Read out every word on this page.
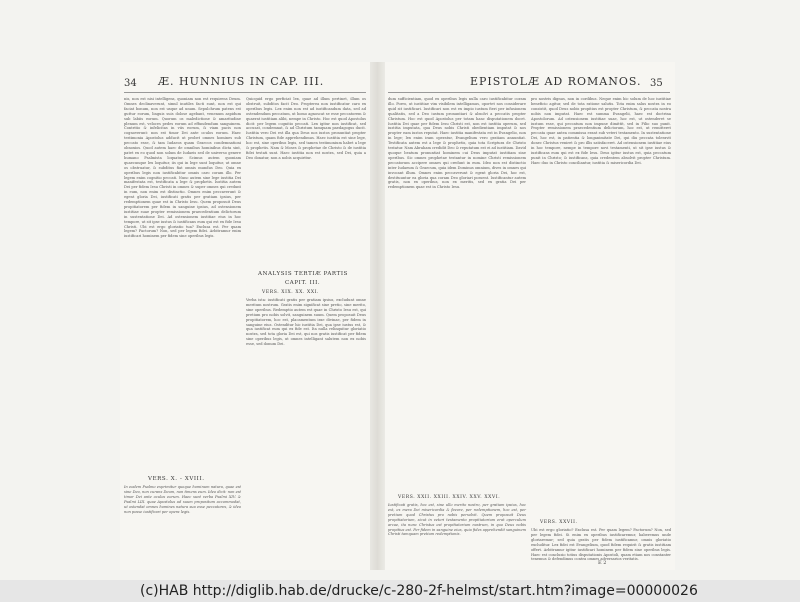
34 Æ. HUNNIUS IN CAP. III.

nis, non est nisi intelligens, quoniam non est requirens Deum. Omnes declinaverunt, simul inutiles facti sunt, non est qui faciat bonum, non est usque ad unum. Sepulchrum patens est guttur eorum, linguis suis dolose agebant, venenum aspidum sub labiis eorum. Quorum os maledictione & amaritudine plenum est, veloces pedes eorum ad effundendum sanguinem. Contritio & infelicitas in viis eorum, & viam pacis non cognoverunt: non est timor Dei ante oculos eorum. Haec testimonia Apostolus adducit ut probet omnes homines sub peccato esse, & tam Iudaeos quam Graecos condemnationi obnoxios. Quod autem haec de omnibus hominibus dicta sint, patet ex eo quod non solum de Iudaeis sed de universo genere humano Psalmista loquatur. Scimus autem quoniam quaecunque lex loquitur, iis qui in lege sunt loquitur, ut omne os obstruatur, & subditus fiat omnis mundus Deo. Quia ex operibus legis non iustificabitur omnis caro coram illo. Per legem enim cognitio peccati. Nunc autem sine lege iustitia Dei manifestata est, testificata a lege & prophetis. Iustitia autem Dei per fidem Iesu Christi in omnes & super omnes qui credunt in eum, non enim est distinctio. Omnes enim peccaverunt & egent gloria Dei, iustificati gratis per gratiam ipsius, per redemptionem quae est in Christo Iesu. Quem proposuit Deus propitiatorem per fidem in sanguine ipsius, ad ostensionem iustitiae suae propter remissionem praecedentium delictorum in sustentatione Dei. Ad ostensionem iustitiae eius in hoc tempore, ut sit ipse iustus & iustificans eum qui est ex fide Iesu Christi. Ubi est ergo gloriatio tua? Exclusa est. Per quam legem? Factorum? Non, sed per legem fidei. Arbitramur enim iustificari hominem per fidem sine operibus legis.

VERS. X. - XVIII.

In eodem Psalmo exprimitur quoque hominum natura, quae est sine Deo, non curans Deum, non timens eum. Ideo dicit: non est timor Dei ante oculos eorum. Haec sunt verba Psalmi XIV. & Psalmi LIII. quae Apostolus ad suum propositum accommodat, ut ostendat omnes homines natura sua esse peccatores, & ideo non posse iustificari per opera legis.

Quicquid ergo perficiat lex, quae ad illum pertinet, illum os obstruit, subditos facit Deo. Propterea non iustificatur caro ex operibus legis. Lex enim non est ad iustificandum data, sed ad ostendendum peccatum, ut homo agnoscat se esse peccatorem & quaerat iustitiam alibi, nempe in Christo. Hoc est quod Apostolus dicit: per legem cognitio peccati. Lex igitur non iustificat, sed accusat, condemnat, & ad Christum tamquam paedagogus ducit. Iustitia vero Dei est illa qua Deus nos iustos pronuntiat propter Christum, quam fide apprehendimus. Haec iustitia est sine lege, hoc est, sine operibus legis, sed tamen testimonium habet a lege & prophetis. Nam & Moses & prophetae de Christo & de iustitia fidei testati sunt. Haec iustitia non est nostra, sed Dei, quia a Deo donatur, non a nobis acquiritur.

ANALYSIS TERTIÆ PARTIS
CAPIT. III.
VERS. XIX. XX. XXI.

Verba ista: iustificati gratis per gratiam ipsius, excludunt omne meritum nostrum. Gratis enim significat sine pretio, sine merito, sine operibus. Redemptio autem est quae in Christo Iesu est, qui pretium pro nobis solvit, sanguinem suum. Quem proposuit Deus propitiatorem, hoc est, placamentum irae divinae, per fidem in sanguine eius. Ostenditur hic iustitia Dei, qua ipse iustus est, & qua iustificat eum qui ex fide est. Ita nulla relinquitur gloriatio nostra, sed tota gloria Dei est, qui nos gratis iustificat per fidem sine operibus legis, ut omnes intelligant salutem non ex nobis esse, sed donum Dei.

EPISTOLÆ AD ROMANOS. 35

dum sufficientiam, quod ex operibus legis nulla caro iustificabitur coram illo. Porro, ut iustitiae vim visibilem intelligamus, oportet nos considerare quid sit iustificari. Iustificari non est ex impio iustum fieri per infusionem qualitatis, sed a Deo iustum pronuntiari & absolvi a peccatis propter Christum. Hoc est quod Apostolus per totam hanc disputationem docet. Iustitia Dei quae per fidem Iesu Christi est, non est iustitia operum, sed iustitia imputata, qua Deus nobis Christi obedientiam imputat & nos propter eam iustos reputat. Haec iustitia manifestata est in Evangelio, non in lege; lex enim iram operatur, Evangelium vero gratiam annuntiat. Testificata autem est a lege & prophetis, quia tota Scriptura de Christo testatur. Nam Abraham credidit Deo & reputatum est ei ad iustitiam. David quoque beatum pronuntiat hominem cui Deus imputat iustitiam sine operibus. Sic omnes prophetae testantur in nomine Christi remissionem peccatorum accipere omnes qui credunt in eum. Ideo non est distinctio inter Iudaeum & Graecum, quia idem Dominus omnium, dives in omnes qui invocant illum. Omnes enim peccaverunt & egent gloria Dei, hoc est, destituuntur ea gloria qua coram Deo gloriari possent. Iustificantur autem gratis, non ex operibus, non ex meritis, sed ex gratia Dei per redemptionem quae est in Christo Iesu.

VERS. XXII. XXIII. XXIV. XXV. XXVI.

Iustificati gratis, hoc est, sine ullo merito nostro, per gratiam ipsius, hoc est, ex mera Dei misericordia & favore, per redemptionem, hoc est, per pretium quod Christus pro nobis persolvit. Quem proposuit Deus propitiatorium, sicut in veteri testamento propitiatorium erat operculum arcae, ita nunc Christus est propitiatorium nostrum, in quo Deus nobis propitius est. Per fidem in sanguine eius, quia fides apprehendit sanguinem Christi tamquam pretium redemptionis.

pro nostris dignus, non in cordibus. Neque enim hic solum de hoc iustitiae beneficio agitur, sed de tota ratione salutis. Tota enim salus nostra in eo consistit, quod Deus nobis propitius est propter Christum, & peccata nostra nobis non imputat. Haec est summa Evangelii, haec est doctrina Apostolorum. Ad ostensionem iustitiae suae, hoc est, ut ostenderet se iustum esse, qui peccatum non impune dimittit, sed in Filio suo punit. Propter remissionem praecedentium delictorum, hoc est, ut remitteret peccata quae antea commissa erant sub veteri testamento. In sustentatione Dei, hoc est, in patientia & longanimitate Dei, qui diu peccata toleravit donec Christus veniret & pro illis satisfaceret. Ad ostensionem iustitiae eius in hoc tempore, nempe in tempore novi testamenti, ut sit ipse iustus & iustificans eum qui est ex fide Iesu. Deus igitur iustus est, quia peccatum punit in Christo; & iustificans, quia credentem absolvit propter Christum. Haec duo in Christo conciliantur, iustitia & misericordia Dei.

VERS. XXVII.

Ubi est ergo gloriatio? Exclusa est. Per quam legem? Factorum? Non, sed per legem fidei. Si enim ex operibus iustificaremur, haberemus unde gloriaremur; sed quia gratis per fidem iustificamur, omnis gloriatio excluditur. Lex fidei est Evangelium, quod fidem requirit & gratis iustitiam offert. Arbitramur igitur iustificari hominem per fidem sine operibus legis. Haec est conclusio totius disputationis Apostoli, quam etiam nos constanter tenemus & defendimus contra omnes adversarios veritatis.

E 2
(c)HAB http://diglib.hab.de/drucke/c-280-2f-helmst/start.htm?image=00000026
